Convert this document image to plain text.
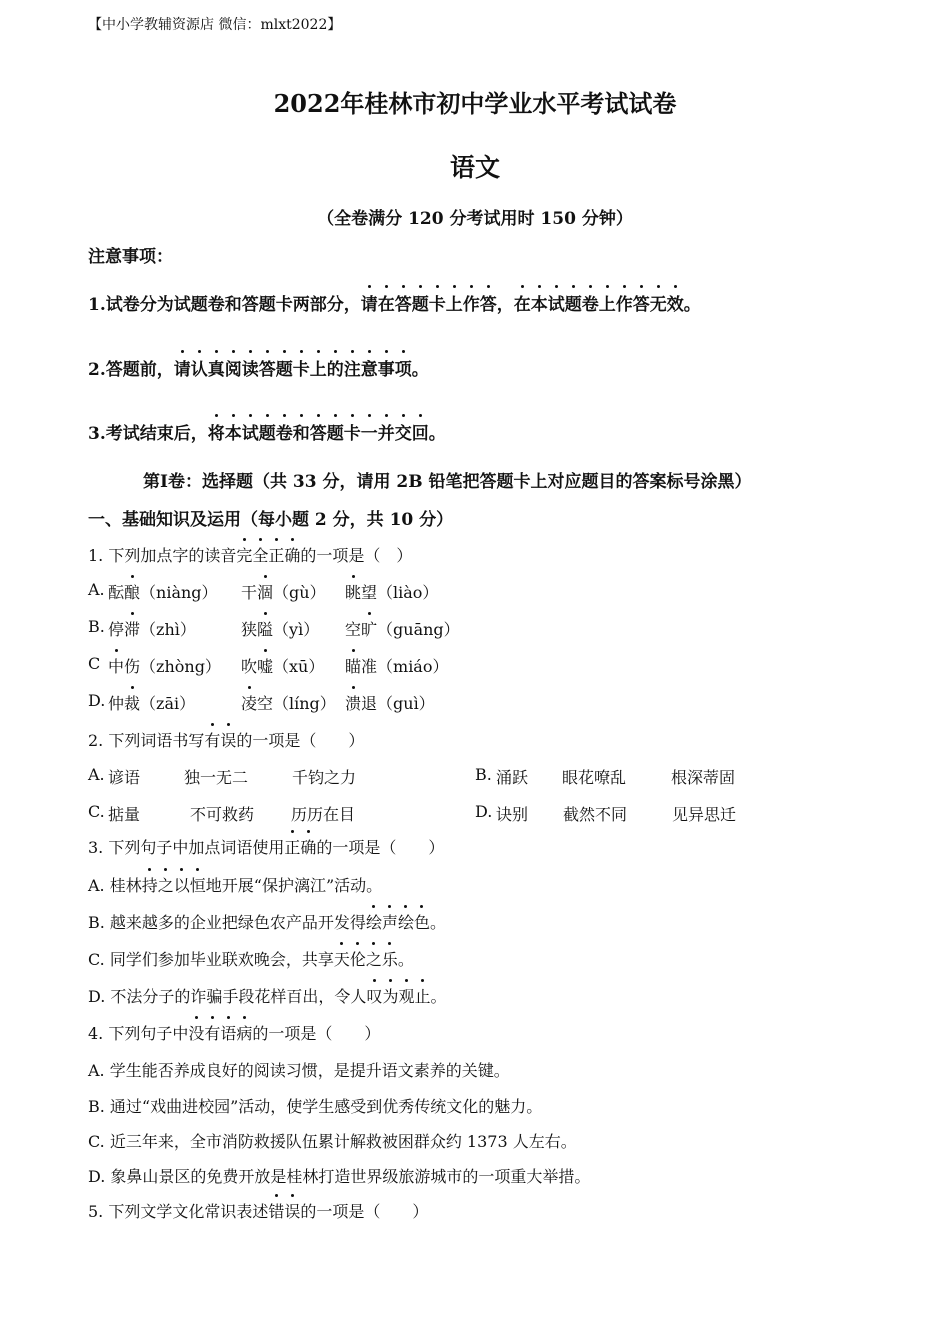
【中小学教辅资源店 微信：mlxt2022】
2022年桂林市初中学业水平考试试卷
语文
（全卷满分 120 分考试用时 150 分钟）
注意事项：
1.试卷分为试题卷和答题卡两部分，请在答题卡上作答，在本试题卷上作答无效。
2.答题前，请认真阅读答题卡上的注意事项。
3.考试结束后，将本试题卷和答题卡一并交回。
第Ⅰ卷：选择题（共 33 分，请用 2B 铅笔把答题卡上对应题目的答案标号涂黑）
一、基础知识及运用（每小题 2 分，共 10 分）
1. 下列加点字的读音完全正确的一项是（　）
A. 酝酿（niàng） 干涸（gù） 眺望（liào）
B. 停滞（zhì）	狭隘（yì） 空旷（guāng）
C 中伤（zhòng） 吹嘘（xū） 瞄准（miáo）
D. 仲裁（zāi）	凌空（líng） 溃退（guì）
2. 下列词语书写有误的一项是（　　）
A. 谚语	独一无二	千钧之力	B. 涌跃 眼花嘹乱	根深蒂固
C. 掂量	不可救药 历历在目	D. 诀别 截然不同	见异思迁
3. 下列句子中加点词语使用正确的一项是（　　）
A. 桂林持之以恒地开展“保护漓江”活动。
B. 越来越多的企业把绿色农产品开发得绘声绘色。
C. 同学们参加毕业联欢晚会，共享天伦之乐。
D. 不法分子的诈骗手段花样百出，令人叹为观止。
4. 下列句子中没有语病的一项是（　　）
A. 学生能否养成良好的阅读习惯，是提升语文素养的关键。
B. 通过“戏曲进校园”活动，使学生感受到优秀传统文化的魅力。
C. 近三年来，全市消防救援队伍累计解救被困群众约 1373 人左右。
D. 象鼻山景区的免费开放是桂林打造世界级旅游城市的一项重大举措。
5. 下列文学文化常识表述错误的一项是（　　）
